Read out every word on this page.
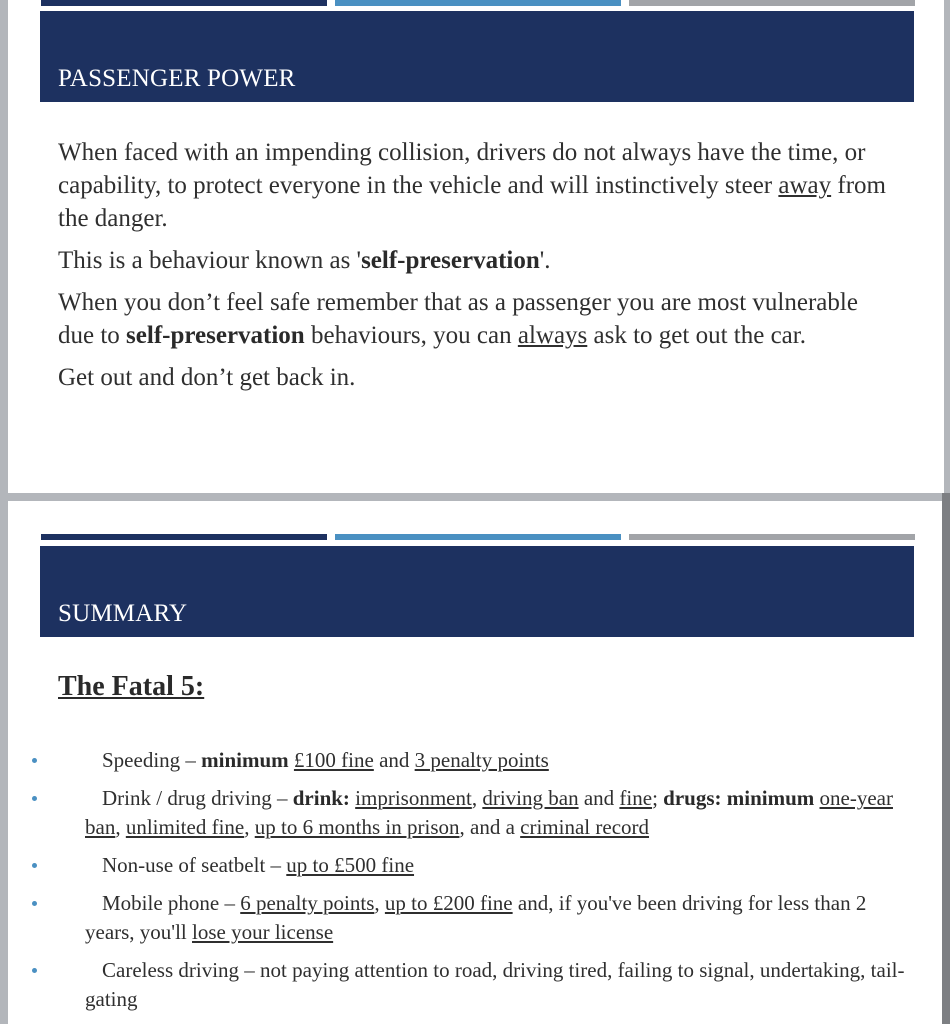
PASSENGER POWER

When faced with an impending collision, drivers do not always have the time, or capability, to protect everyone in the vehicle and will instinctively steer away from the danger.

This is a behaviour known as 'self-preservation'.

When you don’t feel safe remember that as a passenger you are most vulnerable due to self-preservation behaviours, you can always ask to get out the car.

Get out and don’t get back in.

SUMMARY
The Fatal 5:
Speeding – minimum £100 fine and 3 penalty points
Drink / drug driving – drink: imprisonment, driving ban and fine; drugs: minimum one-year ban, unlimited fine, up to 6 months in prison, and a criminal record
Non-use of seatbelt – up to £500 fine
Mobile phone – 6 penalty points, up to £200 fine and, if you've been driving for less than 2 years, you'll lose your license
Careless driving – not paying attention to road, driving tired, failing to signal, undertaking, tail-gating
